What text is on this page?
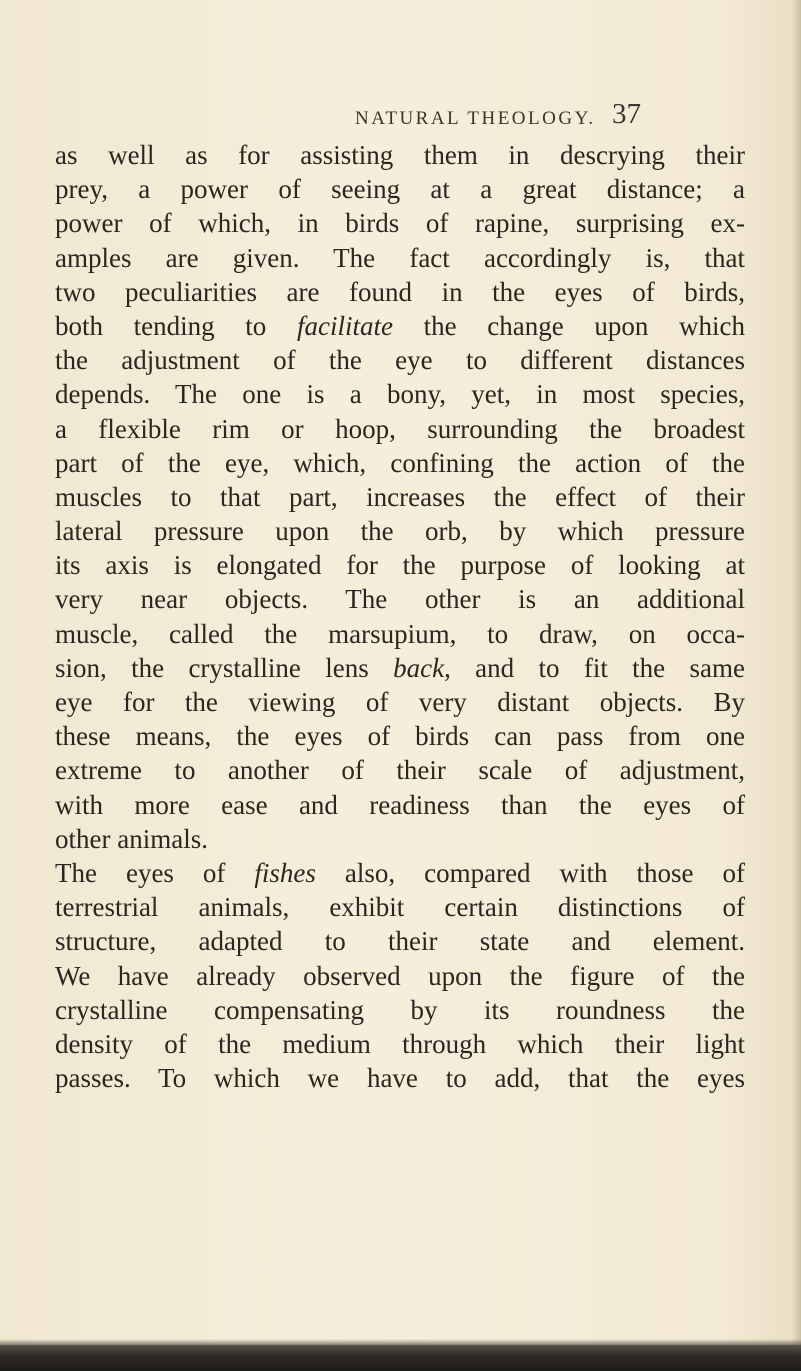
NATURAL THEOLOGY. 37
as well as for assisting them in descrying their
prey, a power of seeing at a great distance; a
power of which, in birds of rapine, surprising ex-
amples are given. The fact accordingly is, that
two peculiarities are found in the eyes of birds,
both tending to facilitate the change upon which
the adjustment of the eye to different distances
depends. The one is a bony, yet, in most species,
a flexible rim or hoop, surrounding the broadest
part of the eye, which, confining the action of the
muscles to that part, increases the effect of their
lateral pressure upon the orb, by which pressure
its axis is elongated for the purpose of looking at
very near objects. The other is an additional
muscle, called the marsupium, to draw, on occa-
sion, the crystalline lens back, and to fit the same
eye for the viewing of very distant objects. By
these means, the eyes of birds can pass from one
extreme to another of their scale of adjustment,
with more ease and readiness than the eyes of
other animals.
The eyes of fishes also, compared with those of
terrestrial animals, exhibit certain distinctions of
structure, adapted to their state and element.
We have already observed upon the figure of the
crystalline compensating by its roundness the
density of the medium through which their light
passes. To which we have to add, that the eyes
